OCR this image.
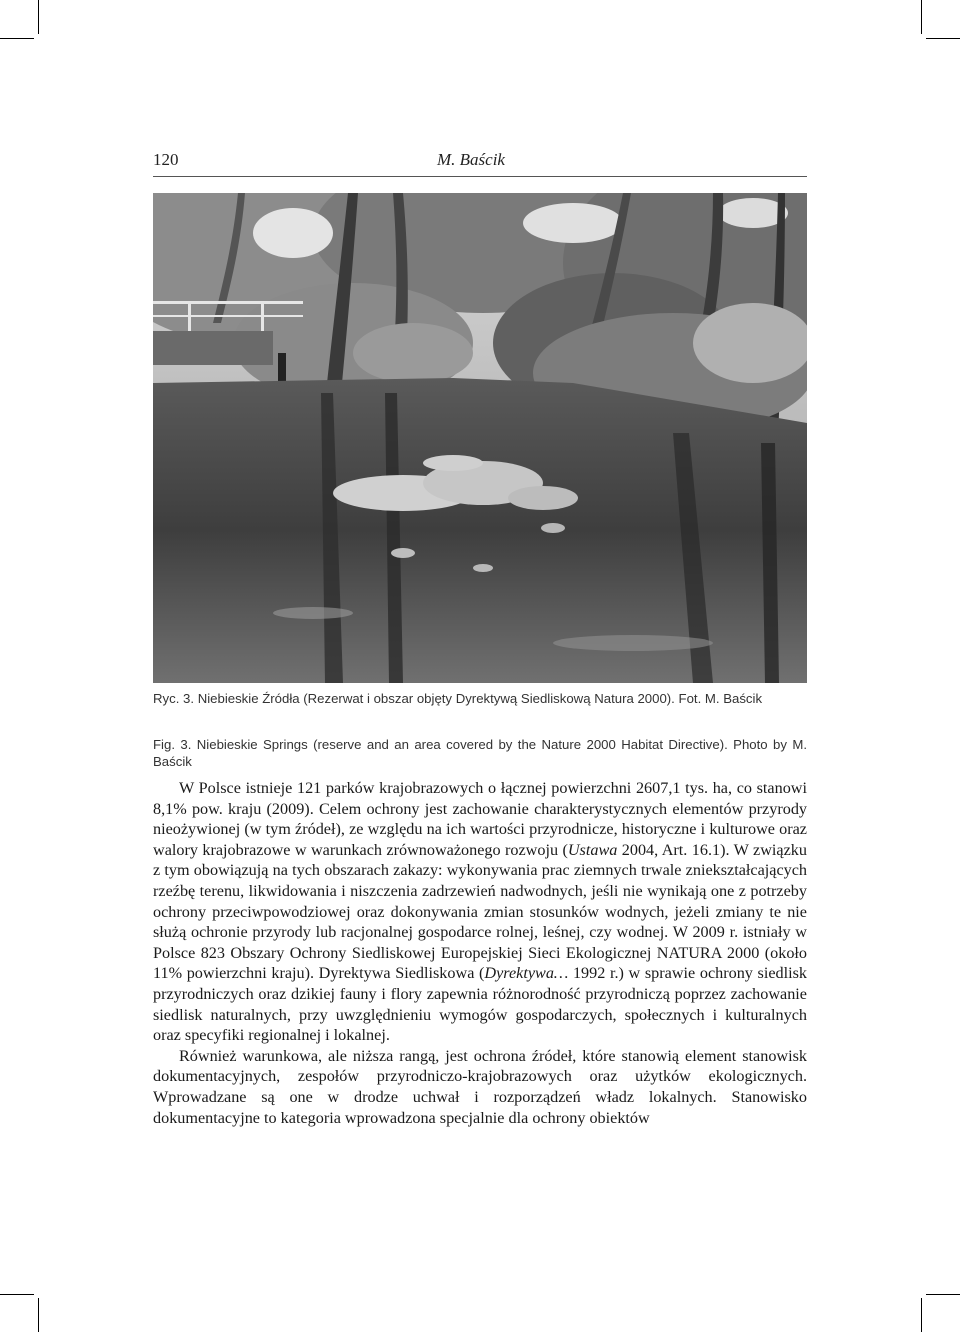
120	M. Baścik
Ryc. 3. Niebieskie Źródła (Rezerwat i obszar objęty Dyrektywą Siedliskową Natura 2000). Fot. M. Baścik
Fig. 3. Niebieskie Springs (reserve and an area covered by the Nature 2000 Habitat Directive). Photo by M. Baścik

W Polsce istnieje 121 parków krajobrazowych o łącznej powierzchni 2607,1 tys. ha, co stanowi 8,1% pow. kraju (2009). Celem ochrony jest zachowanie charakterystycznych elementów przyrody nieożywionej (w tym źródeł), ze względu na ich wartości przyrodnicze, historyczne i kulturowe oraz walory krajobrazowe w warunkach zrównoważonego rozwoju (Ustawa 2004, Art. 16.1). W związku z tym obowiązują na tych obszarach zakazy: wykonywania prac ziemnych trwale zniekształcających rzeźbę terenu, likwidowania i niszczenia zadrzewień nadwodnych, jeśli nie wynikają one z potrzeby ochrony przeciwpowodziowej oraz dokonywania zmian stosunków wodnych, jeżeli zmiany te nie służą ochronie przyrody lub racjonalnej gospodarce rolnej, leśnej, czy wodnej. W 2009 r. istniały w Polsce 823 Obszary Ochrony Siedliskowej Europejskiej Sieci Ekologicznej NATURA 2000 (około 11% powierzchni kraju). Dyrektywa Siedliskowa (Dyrektywa… 1992 r.) w sprawie ochrony siedlisk przyrodniczych oraz dzikiej fauny i flory zapewnia różnorodność przyrodniczą poprzez zachowanie siedlisk naturalnych, przy uwzględnieniu wymogów gospodarczych, społecznych i kulturalnych oraz specyfiki regionalnej i lokalnej.

Również warunkowa, ale niższa rangą, jest ochrona źródeł, które stanowią element stanowisk dokumentacyjnych, zespołów przyrodniczo-krajobrazowych oraz użytków ekologicznych. Wprowadzane są one w drodze uchwał i rozporządzeń władz lokalnych. Stanowisko dokumentacyjne to kategoria wprowadzona specjalnie dla ochrony obiektów
